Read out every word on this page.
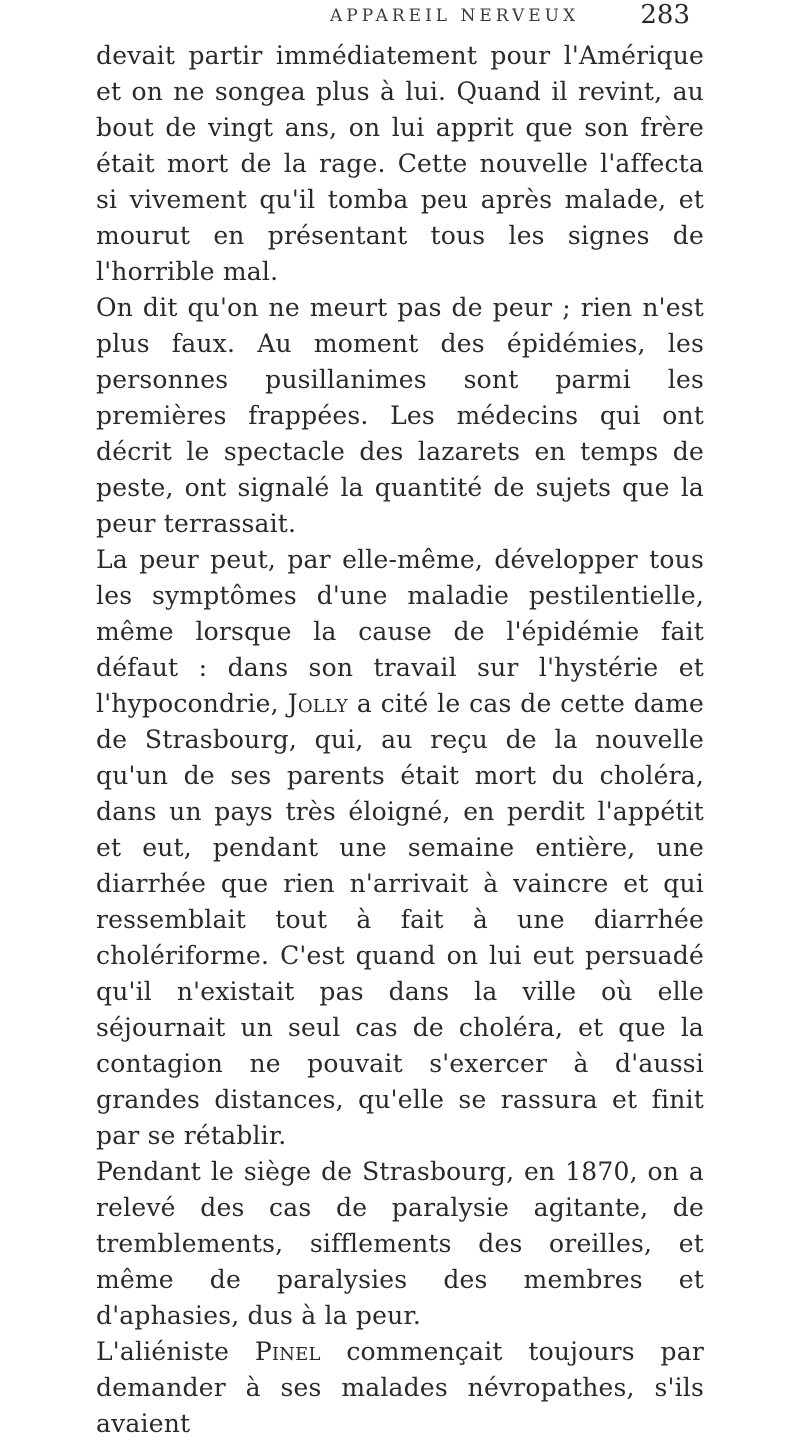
APPAREIL NERVEUX 283

devait partir immédiatement pour l'Amérique et on ne songea plus à lui. Quand il revint, au bout de vingt ans, on lui apprit que son frère était mort de la rage. Cette nouvelle l'affecta si vivement qu'il tomba peu après malade, et mourut en présentant tous les signes de l'horrible mal.

On dit qu'on ne meurt pas de peur ; rien n'est plus faux. Au moment des épidémies, les personnes pusillanimes sont parmi les premières frappées. Les médecins qui ont décrit le spectacle des lazarets en temps de peste, ont signalé la quantité de sujets que la peur terrassait.

La peur peut, par elle-même, développer tous les symptômes d'une maladie pestilentielle, même lorsque la cause de l'épidémie fait défaut : dans son travail sur l'hystérie et l'hypocondrie, Jolly a cité le cas de cette dame de Strasbourg, qui, au reçu de la nouvelle qu'un de ses parents était mort du choléra, dans un pays très éloigné, en perdit l'appétit et eut, pendant une semaine entière, une diarrhée que rien n'arrivait à vaincre et qui ressemblait tout à fait à une diarrhée cholériforme. C'est quand on lui eut persuadé qu'il n'existait pas dans la ville où elle séjournait un seul cas de choléra, et que la contagion ne pouvait s'exercer à d'aussi grandes distances, qu'elle se rassura et finit par se rétablir.

Pendant le siège de Strasbourg, en 1870, on a relevé des cas de paralysie agitante, de tremblements, sifflements des oreilles, et même de paralysies des membres et d'aphasies, dus à la peur.

L'aliéniste Pinel commençait toujours par demander à ses malades névropathes, s'ils avaient
